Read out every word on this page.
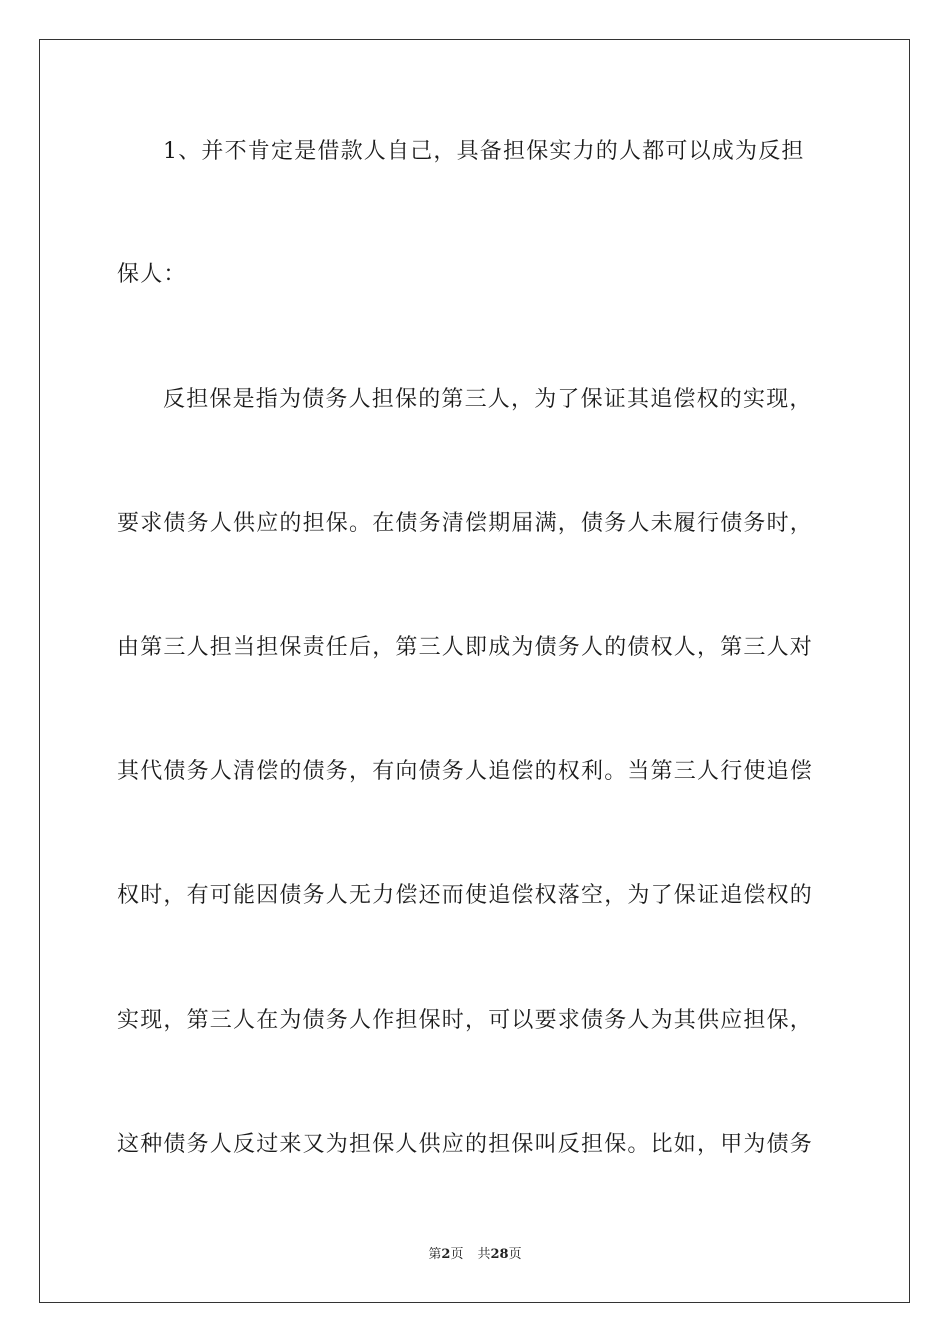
1、并不肯定是借款人自己，具备担保实力的人都可以成为反担
保人：
反担保是指为债务人担保的第三人，为了保证其追偿权的实现，
要求债务人供应的担保。在债务清偿期届满，债务人未履行债务时，
由第三人担当担保责任后，第三人即成为债务人的债权人，第三人对
其代债务人清偿的债务，有向债务人追偿的权利。当第三人行使追偿
权时，有可能因债务人无力偿还而使追偿权落空，为了保证追偿权的
实现，第三人在为债务人作担保时，可以要求债务人为其供应担保，
这种债务人反过来又为担保人供应的担保叫反担保。比如，甲为债务
第2页 共28页
